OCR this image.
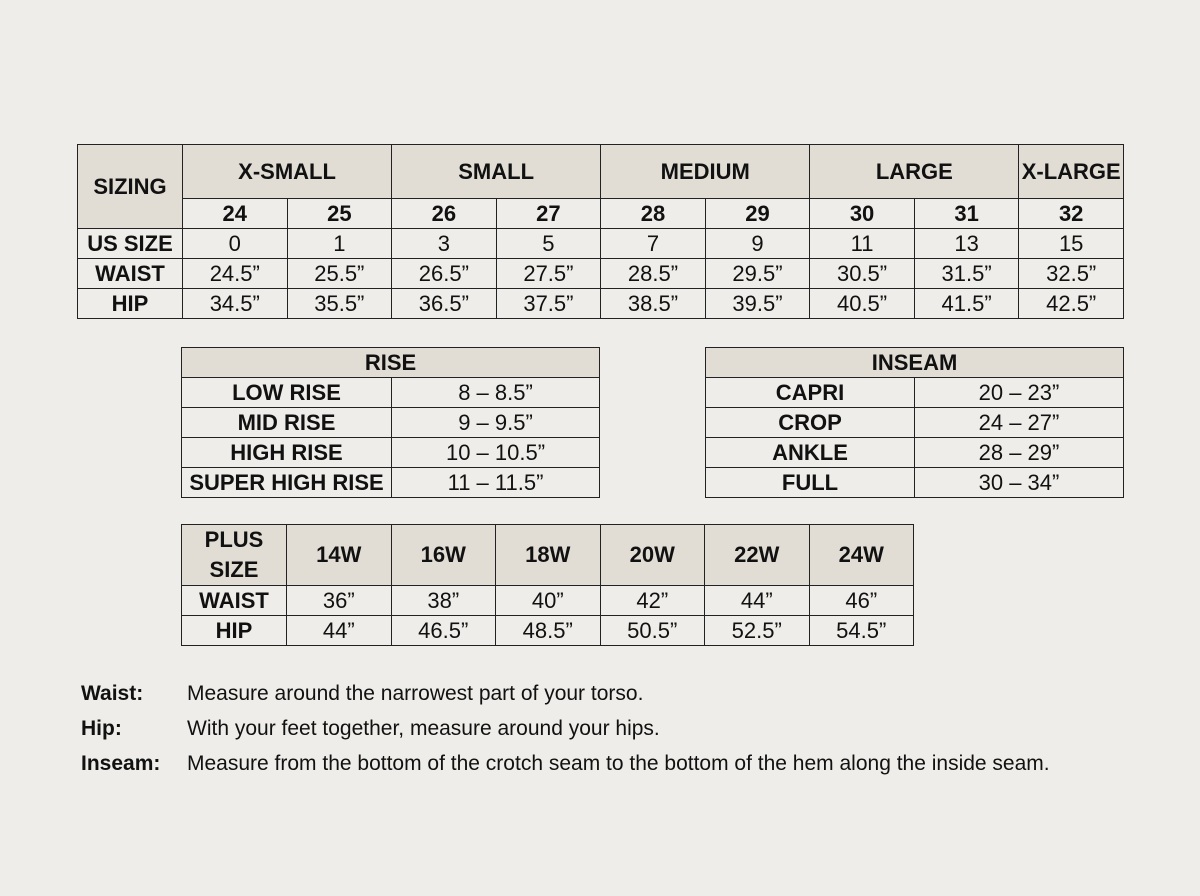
SIZING	X-SMALL		SMALL		MEDIUM		LARGE		X-LARGE
	24	25	26	27	28	29	30	31	32
US SIZE	0	1	3	5	7	9	11	13	15
WAIST	24.5”	25.5”	26.5”	27.5”	28.5”	29.5”	30.5”	31.5”	32.5”
HIP	34.5”	35.5”	36.5”	37.5”	38.5”	39.5”	40.5”	41.5”	42.5”
RISE	
LOW RISE	8 – 8.5”
MID RISE	9 – 9.5”
HIGH RISE	10 – 10.5”
SUPER HIGH RISE	11 – 11.5”
INSEAM	
CAPRI	20 – 23”
CROP	24 – 27”
ANKLE	28 – 29”
FULL	30 – 34”
PLUS
SIZE	14W	16W	18W	20W	22W	24W
WAIST	36”	38”	40”	42”	44”	46”
HIP	44”	46.5”	48.5”	50.5”	52.5”	54.5”
Waist:	Measure around the narrowest part of your torso.
Hip:	With your feet together, measure around your hips.
Inseam:	Measure from the bottom of the crotch seam to the bottom of the hem along the inside seam.
